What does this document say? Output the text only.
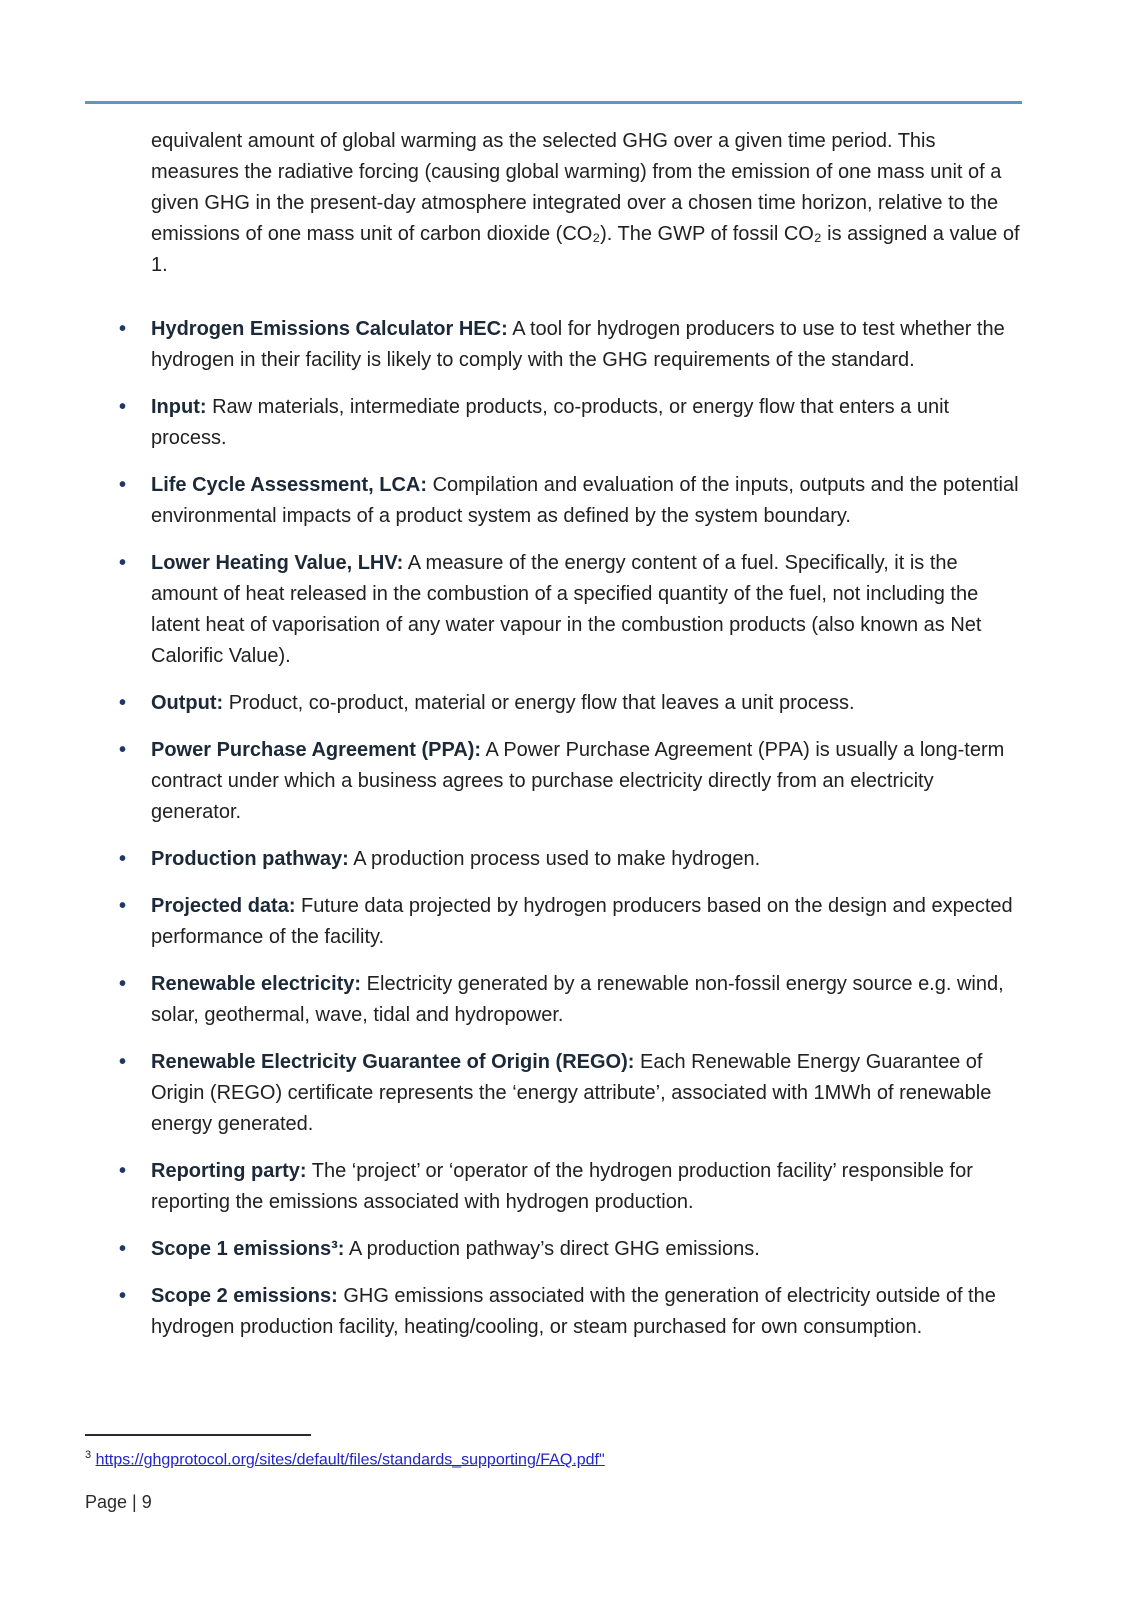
equivalent amount of global warming as the selected GHG over a given time period. This measures the radiative forcing (causing global warming) from the emission of one mass unit of a given GHG in the present-day atmosphere integrated over a chosen time horizon, relative to the emissions of one mass unit of carbon dioxide (CO₂). The GWP of fossil CO₂ is assigned a value of 1.

• Hydrogen Emissions Calculator HEC: A tool for hydrogen producers to use to test whether the hydrogen in their facility is likely to comply with the GHG requirements of the standard.
• Input: Raw materials, intermediate products, co-products, or energy flow that enters a unit process.
• Life Cycle Assessment, LCA: Compilation and evaluation of the inputs, outputs and the potential environmental impacts of a product system as defined by the system boundary.
• Lower Heating Value, LHV: A measure of the energy content of a fuel. Specifically, it is the amount of heat released in the combustion of a specified quantity of the fuel, not including the latent heat of vaporisation of any water vapour in the combustion products (also known as Net Calorific Value).
• Output: Product, co-product, material or energy flow that leaves a unit process.
• Power Purchase Agreement (PPA): A Power Purchase Agreement (PPA) is usually a long-term contract under which a business agrees to purchase electricity directly from an electricity generator.
• Production pathway: A production process used to make hydrogen.
• Projected data: Future data projected by hydrogen producers based on the design and expected performance of the facility.
• Renewable electricity: Electricity generated by a renewable non-fossil energy source e.g. wind, solar, geothermal, wave, tidal and hydropower.
• Renewable Electricity Guarantee of Origin (REGO): Each Renewable Energy Guarantee of Origin (REGO) certificate represents the ‘energy attribute’, associated with 1MWh of renewable energy generated.
• Reporting party: The ‘project’ or ‘operator of the hydrogen production facility’ responsible for reporting the emissions associated with hydrogen production.
• Scope 1 emissions³: A production pathway’s direct GHG emissions.
• Scope 2 emissions: GHG emissions associated with the generation of electricity outside of the hydrogen production facility, heating/cooling, or steam purchased for own consumption.
$^3$ https://ghgprotocol.org/sites/default/files/standards_supporting/FAQ.pdf"
Page | 9
